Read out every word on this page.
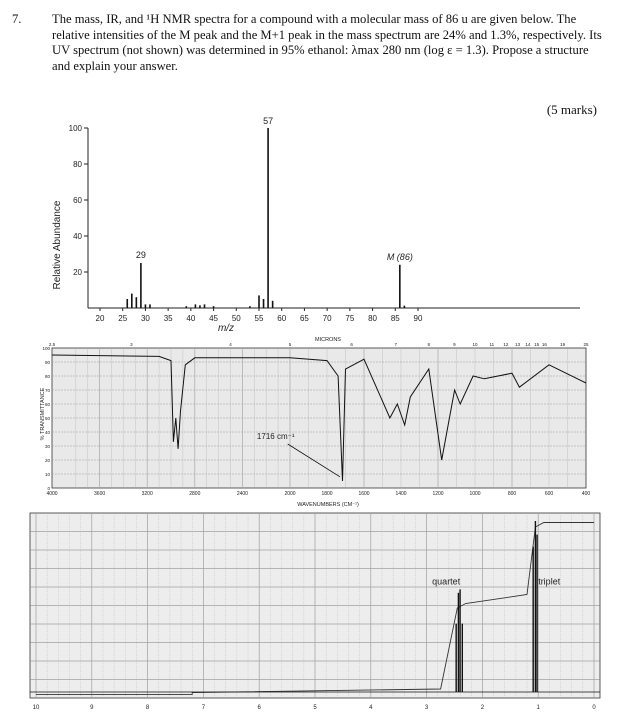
7. The mass, IR, and ¹H NMR spectra for a compound with a molecular mass of 86 u are given below. The relative intensities of the M peak and the M+1 peak in the mass spectrum are 24% and 1.3%, respectively. Its UV spectrum (not shown) was determined in 95% ethanol: λmax 280 nm (log ε = 1.3). Propose a structure and explain your answer.

(5 marks)
Relative Abundance
100
80
60
40
20
20 25 30 35 40 45 50 55 60 65 70 75 80 85 90
57
29	M (86)
m/z
MICRONS
% TRANSMITTANCE
2.5	3	4	5	6	7	8	9	10	11 12 13 14 15 16	19	25
100
90
80
70
60
50
40
30
20
10
0
4000	3600	3200	2800	2400	2000	1800	1600	1400	1200	1000	800	600	400
1716 cm⁻¹
WAVENUMBERS (CM⁻¹)
quartet	triplet
10	9	8	7	6	5	4	3	2	1	0
